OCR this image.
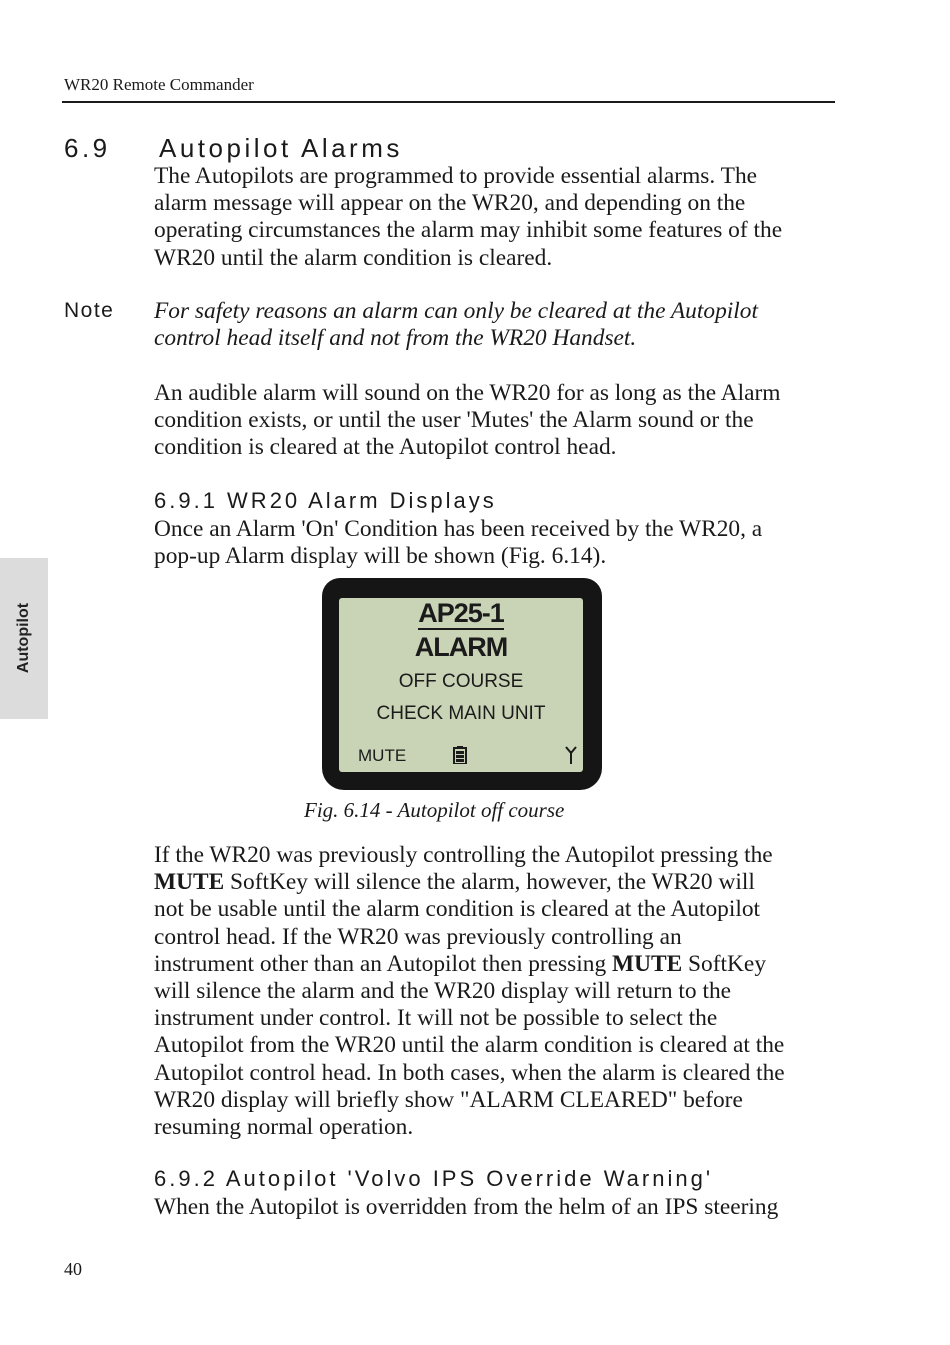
WR20 Remote Commander
Autopilot
6.9 Autopilot Alarms
The Autopilots are programmed to provide essential alarms. The
alarm message will appear on the WR20, and depending on the
operating circumstances the alarm may inhibit some features of the
WR20 until the alarm condition is cleared.
Note For safety reasons an alarm can only be cleared at the Autopilot
control head itself and not from the WR20 Handset.
An audible alarm will sound on the WR20 for as long as the Alarm
condition exists, or until the user 'Mutes' the Alarm sound or the
condition is cleared at the Autopilot control head.
6.9.1 WR20 Alarm Displays
Once an Alarm 'On' Condition has been received by the WR20, a
pop-up Alarm display will be shown (Fig. 6.14).
AP25-1
ALARM
OFF COURSE
CHECK MAIN UNIT
MUTE
Fig. 6.14 - Autopilot off course
If the WR20 was previously controlling the Autopilot pressing the
MUTE SoftKey will silence the alarm, however, the WR20 will
not be usable until the alarm condition is cleared at the Autopilot
control head. If the WR20 was previously controlling an
instrument other than an Autopilot then pressing MUTE SoftKey
will silence the alarm and the WR20 display will return to the
instrument under control. It will not be possible to select the
Autopilot from the WR20 until the alarm condition is cleared at the
Autopilot control head. In both cases, when the alarm is cleared the
WR20 display will briefly show "ALARM CLEARED" before
resuming normal operation.
6.9.2 Autopilot 'Volvo IPS Override Warning'
When the Autopilot is overridden from the helm of an IPS steering
40
